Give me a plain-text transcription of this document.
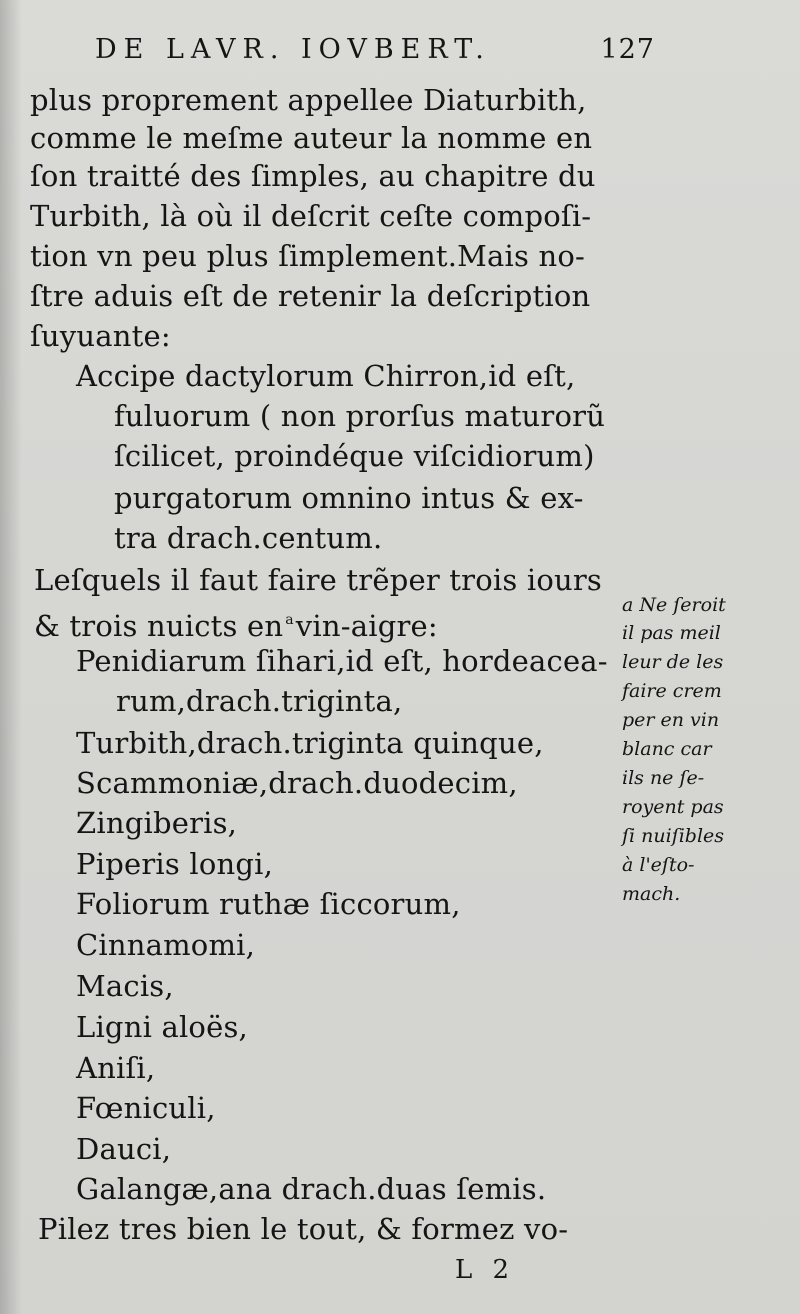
DE LAVR. IOVBERT.	127
plus proprement appellee Diaturbith,
comme le meſme auteur la nomme en
ſon traitté des ſimples, au chapitre du
Turbith, là où il deſcrit ceſte compoſi-
tion vn peu plus ſimplement.Mais no-
ſtre aduis eſt de retenir la deſcription
ſuyuante:
Accipe dactylorum Chirron,id eſt,
fuluorum ( non prorſus maturorũ
ſcilicet, proindéque viſcidiorum)
purgatorum omnino intus & ex-
tra drach.centum.
Leſquels il faut faire trẽper trois iours
& trois nuicts en $^a$vin-aigre:
Penidiarum ſihari,id eſt, hordeacea-
rum,drach.triginta,
Turbith,drach.triginta quinque,
Scammoniæ,drach.duodecim,
Zingiberis,
Piperis longi,
Foliorum ruthæ ſiccorum,
Cinnamomi,
Macis,
Ligni aloës,
Aniſi,
Fœniculi,
Dauci,
Galangæ,ana drach.duas ſemis.
Pilez tres bien le tout, & formez vo-
a Ne ſeroit
il pas meil
leur de les
faire crem
per en vin
blanc car
ils ne ſe-
royent pas
ſi nuiſibles
à l'eſto-
mach.
L 2
